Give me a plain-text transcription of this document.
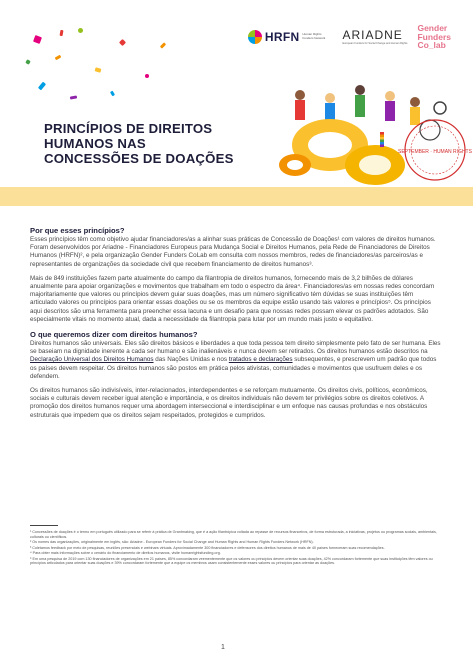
HRFN Human Rights Funders Network	ARIADNE
European Funders for Social Change and Human Rights
Gender
Funders
Co_lab
PRINCÍPIOS DE DIREITOS
HUMANOS NAS
CONCESSÕES DE DOAÇÕES	SEPTEMBER · HUMAN RIGHTS
Por que esses princípios?

Esses princípios têm como objetivo ajudar financiadores/as a alinhar suas práticas de Concessão de Doações¹ com valores de direitos humanos. Foram desenvolvidos por Ariadne - Financiadores Europeus para Mudança Social e Direitos Humanos, pela Rede de Financiadores de Direitos Humanos (HRFN)², e pela organização Gender Funders CoLab em consulta com nossos membros, redes de financiadores/as parceiros/as e representantes de organizações da sociedade civil que recebem financiamento de direitos humanos³.

Mais de 849 instituições fazem parte atualmente do campo da filantropia de direitos humanos, fornecendo mais de 3,2 bilhões de dólares anualmente para apoiar organizações e movimentos que trabalham em todo o espectro da área⁴. Financiadores/as em nossas redes concordam majoritariamente que valores ou princípios devem guiar suas doações, mas um número significativo tém dúvidas se suas instituições têm articulado valores ou princípios para orientar essas doações ou se os membros da equipe estão usando tais valores e princípios⁵. Os princípios aqui descritos são uma ferramenta para preencher essa lacuna e um desafio para que nossas redes possam elevar os padrões adotados. São especialmente vitais no momento atual, dada a necessidade da filantropia para lutar por um mundo mais justo e equitativo.

O que queremos dizer com direitos humanos?

Direitos humanos são universais. Eles são direitos básicos e liberdades a que toda pessoa tem direito simplesmente pelo fato de ser humana. Eles se baseiam na dignidade inerente a cada ser humano e são inalienáveis e nunca devem ser retirados. Os direitos humanos estão descritos na Declaração Universal dos Direitos Humanos das Nações Unidas e nos tratados e declarações subsequentes, e prescrevem um padrão que todos os países devem respeitar. Os direitos humanos são postos em prática pelos ativistas, comunidades e movimentos que usufruem deles e os defendem.

Os direitos humanos são indivisíveis, inter-relacionados, interdependentes e se reforçam mutuamente. Os direitos civis, políticos, econômicos, sociais e culturais devem receber igual atenção e importância, e os direitos individuais não devem ter privilégios sobre os direitos coletivos. A promoção dos direitos humanos requer uma abordagem interseccional e interdisciplinar e um enfoque nas causas profundas e nos obstáculos estruturais que impedem que os direitos sejam respeitados, protegidos e cumpridos.

¹ Concessões de doações é o termo em português utilizado para se referir à prática de Grantmaking, que é a ação filantrópica voltada ao repasse de recursos financeiros, de forma estruturada, a iniciativas, projetos ou programas sociais, ambientais, culturais ou científicos.

² Os nomes das organizações, originalmente em inglês, são: Ariadne - European Funders for Social Change and Human Rights and Human Rights Funders Network (HRFN).

³ Coletamos feedback por meio de pesquisas, reuniões presenciais e webinars virtuais. Aproximadamente 300 financiadores e defensores dos direitos humanos de mais de 40 países forneceram suas recomendações.

⁴ Para obter mais informações sobre o cenário do financiamento de direitos humanos, visite humanrightsfunding.org.

⁵ Em uma pesquisa de 2019 com 130 financiadores de organizações em 21 países, 85% concordaram veementemente que os valores ou princípios devem orientar suas doações, 42% concordaram fortemente que suas instituições têm valores ou princípios articulados para orientar suas doações e 39% concordaram fortemente que a equipe os membros usam consistentemente esses valores ou princípios para orientar as doações.

1
